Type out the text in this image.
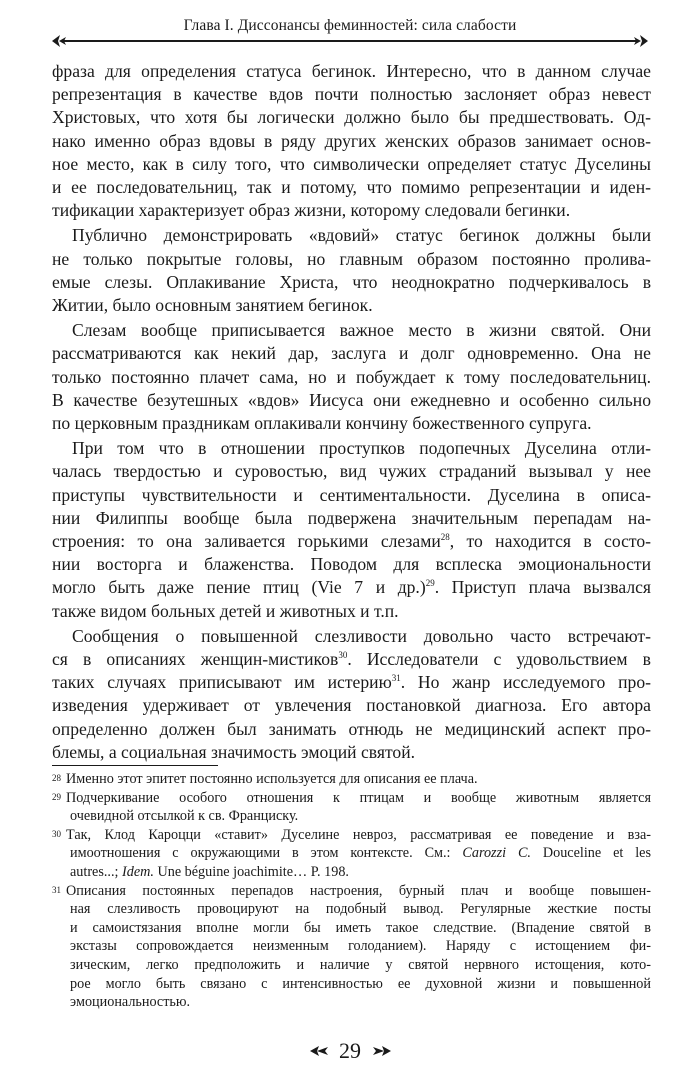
Глава I. Диссонансы феминностей: сила слабости
фраза для определения статуса бегинок. Интересно, что в данном случае
репрезентация в качестве вдов почти полностью заслоняет образ невест
Христовых, что хотя бы логически должно было бы предшествовать. Од-
нако именно образ вдовы в ряду других женских образов занимает основ-
ное место, как в силу того, что символически определяет статус Дуселины
и ее последовательниц, так и потому, что помимо репрезентации и иден-
тификации характеризует образ жизни, которому следовали бегинки.
Публично демонстрировать «вдовий» статус бегинок должны были
не только покрытые головы, но главным образом постоянно пролива-
емые слезы. Оплакивание Христа, что неоднократно подчеркивалось в
Житии, было основным занятием бегинок.
Слезам вообще приписывается важное место в жизни святой. Они
рассматриваются как некий дар, заслуга и долг одновременно. Она не
только постоянно плачет сама, но и побуждает к тому последовательниц.
В качестве безутешных «вдов» Иисуса они ежедневно и особенно сильно
по церковным праздникам оплакивали кончину божественного супруга.
При том что в отношении проступков подопечных Дуселина отли-
чалась твердостью и суровостью, вид чужих страданий вызывал у нее
приступы чувствительности и сентиментальности. Дуселина в описа-
нии Филиппы вообще была подвержена значительным перепадам на-
строения: то она заливается горькими слезами$^{28}$, то находится в состо-
нии восторга и блаженства. Поводом для всплеска эмоциональности
могло быть даже пение птиц (Vie 7 и др.)$^{29}$. Приступ плача вызвался
также видом больных детей и животных и т.п.
Сообщения о повышенной слезливости довольно часто встречают-
ся в описаниях женщин-мистиков$^{30}$. Исследователи с удовольствием в
таких случаях приписывают им истерию$^{31}$. Но жанр исследуемого про-
изведения удерживает от увлечения постановкой диагноза. Его автора
определенно должен был занимать отнюдь не медицинский аспект про-
блемы, а социальная значимость эмоций святой.
28 Именно этот эпитет постоянно используется для описания ее плача.
29 Подчеркивание особого отношения к птицам и вообще животным является
очевидной отсылкой к св. Франциску.
30 Так, Клод Кароцци «ставит» Дуселине невроз, рассматривая ее поведение и вза-
имоотношения с окружающими в этом контексте. См.: Carozzi C. Douceline et les
autres...; Idem. Une béguine joachimite… P. 198.
31 Описания постоянных перепадов настроения, бурный плач и вообще повышен-
ная слезливость провоцируют на подобный вывод. Регулярные жесткие посты
и самоистязания вполне могли бы иметь такое следствие. (Впадение святой в
экстазы сопровождается неизменным голоданием). Наряду с истощением фи-
зическим, легко предположить и наличие у святой нервного истощения, кото-
рое могло быть связано с интенсивностью ее духовной жизни и повышенной
эмоциональностью.
29
